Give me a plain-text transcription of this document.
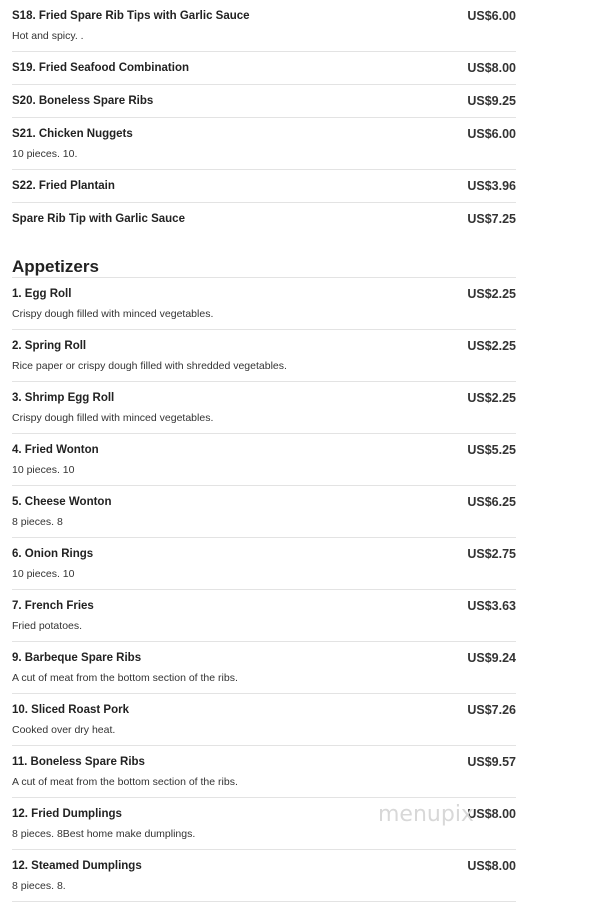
S18. Fried Spare Rib Tips with Garlic Sauce	US$6.00
Hot and spicy. .
S19. Fried Seafood Combination	US$8.00
S20. Boneless Spare Ribs	US$9.25
S21. Chicken Nuggets	US$6.00
10 pieces. 10.
S22. Fried Plantain	US$3.96
Spare Rib Tip with Garlic Sauce	US$7.25
Appetizers
1. Egg Roll	US$2.25
Crispy dough filled with minced vegetables.
2. Spring Roll	US$2.25
Rice paper or crispy dough filled with shredded vegetables.
3. Shrimp Egg Roll	US$2.25
Crispy dough filled with minced vegetables.
4. Fried Wonton	US$5.25
10 pieces. 10
5. Cheese Wonton	US$6.25
8 pieces. 8
6. Onion Rings	US$2.75
10 pieces. 10
7. French Fries	US$3.63
Fried potatoes.
9. Barbeque Spare Ribs	US$9.24
A cut of meat from the bottom section of the ribs.
10. Sliced Roast Pork	US$7.26
Cooked over dry heat.
11. Boneless Spare Ribs	US$9.57
A cut of meat from the bottom section of the ribs.
12. Fried Dumplings	US$8.00
8 pieces. 8Best home make dumplings.
12. Steamed Dumplings	US$8.00
8 pieces. 8.
menupix
